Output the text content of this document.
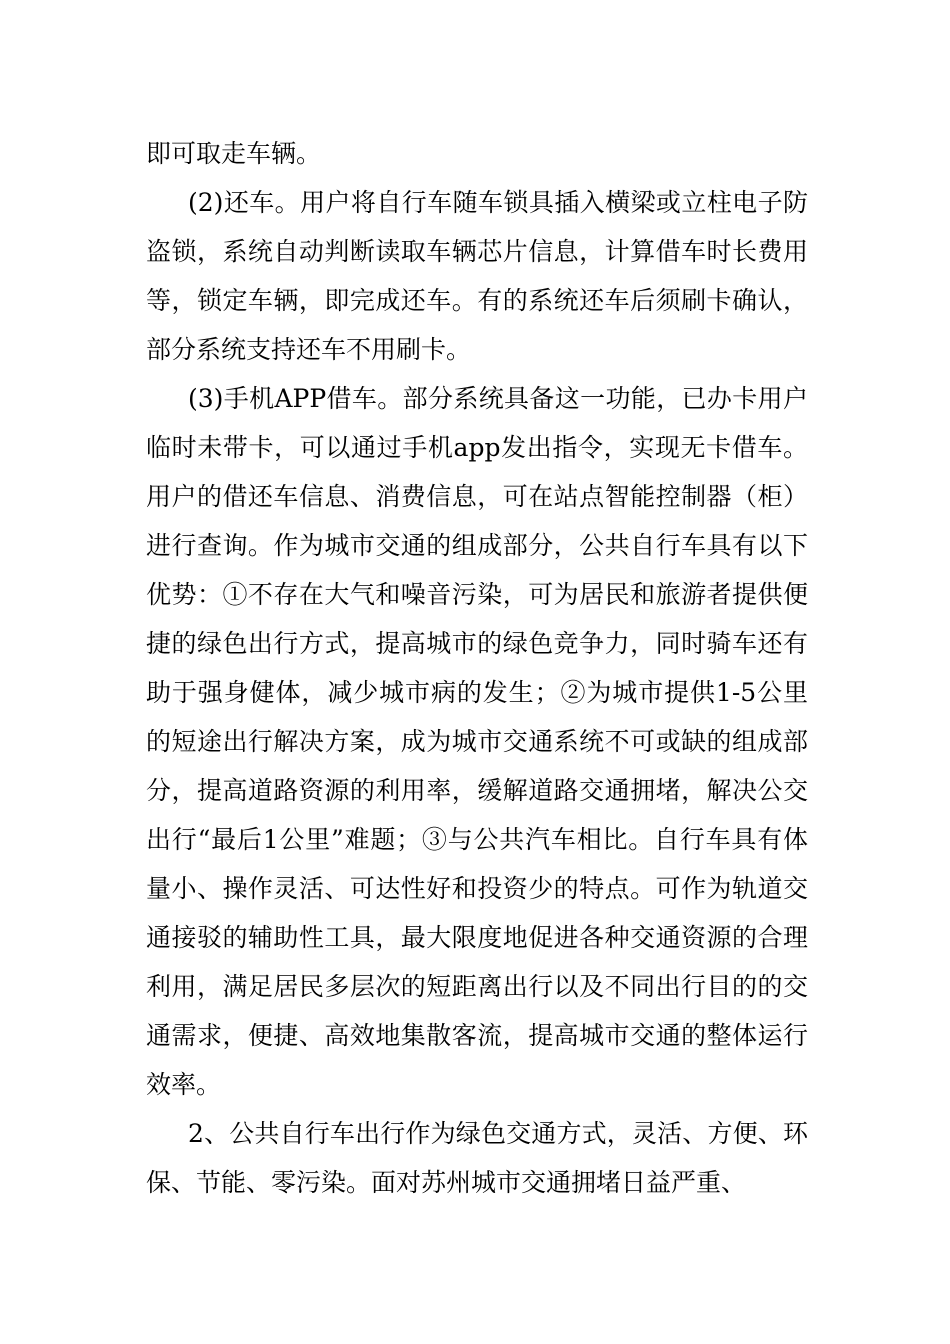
即可取走车辆。

(2)还车。用户将自行车随车锁具插入横梁或立柱电子防盗锁，系统自动判断读取车辆芯片信息，计算借车时长费用等，锁定车辆，即完成还车。有的系统还车后须刷卡确认，部分系统支持还车不用刷卡。

(3)手机APP借车。部分系统具备这一功能，已办卡用户临时未带卡，可以通过手机app发出指令，实现无卡借车。用户的借还车信息、消费信息，可在站点智能控制器（柜）进行查询。作为城市交通的组成部分，公共自行车具有以下优势：①不存在大气和噪音污染，可为居民和旅游者提供便捷的绿色出行方式，提高城市的绿色竞争力，同时骑车还有助于强身健体，减少城市病的发生；②为城市提供1-5公里的短途出行解决方案，成为城市交通系统不可或缺的组成部分，提高道路资源的利用率，缓解道路交通拥堵，解决公交出行“最后1公里”难题；③与公共汽车相比。自行车具有体量小、操作灵活、可达性好和投资少的特点。可作为轨道交通接驳的辅助性工具，最大限度地促进各种交通资源的合理利用，满足居民多层次的短距离出行以及不同出行目的的交通需求，便捷、高效地集散客流，提高城市交通的整体运行效率。

2、公共自行车出行作为绿色交通方式，灵活、方便、环保、节能、零污染。面对苏州城市交通拥堵日益严重、
